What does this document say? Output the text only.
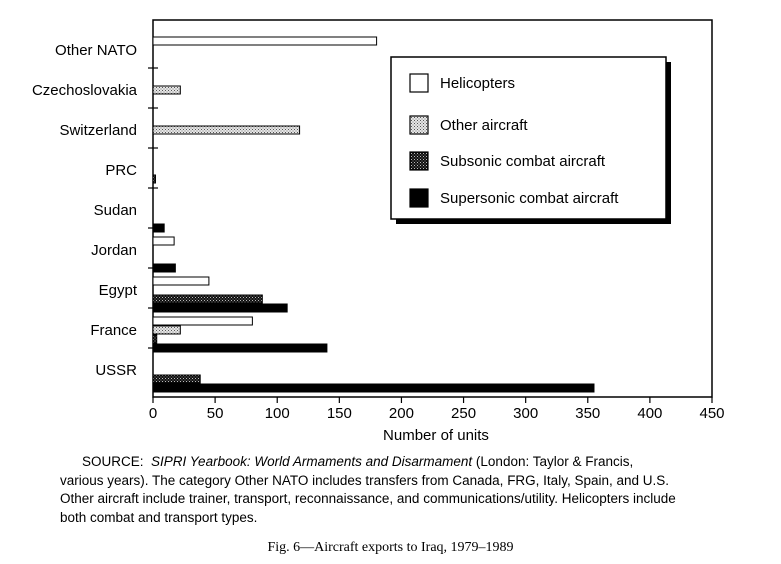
Other NATO
Czechoslovakia
Switzerland
PRC
Sudan
Jordan
Egypt
France
USSR
0	50	100 150 200 250 300 350 400 450
Number of units
Helicopters
Other aircraft
Subsonic combat aircraft
Supersonic combat aircraft
SOURCE: SIPRI Yearbook: World Armaments and Disarmament (London: Taylor & Francis,
various years). The category Other NATO includes transfers from Canada, FRG, Italy, Spain, and U.S.
Other aircraft include trainer, transport, reconnaissance, and communications/utility. Helicopters include
both combat and transport types.
Fig. 6—Aircraft exports to Iraq, 1979–1989
